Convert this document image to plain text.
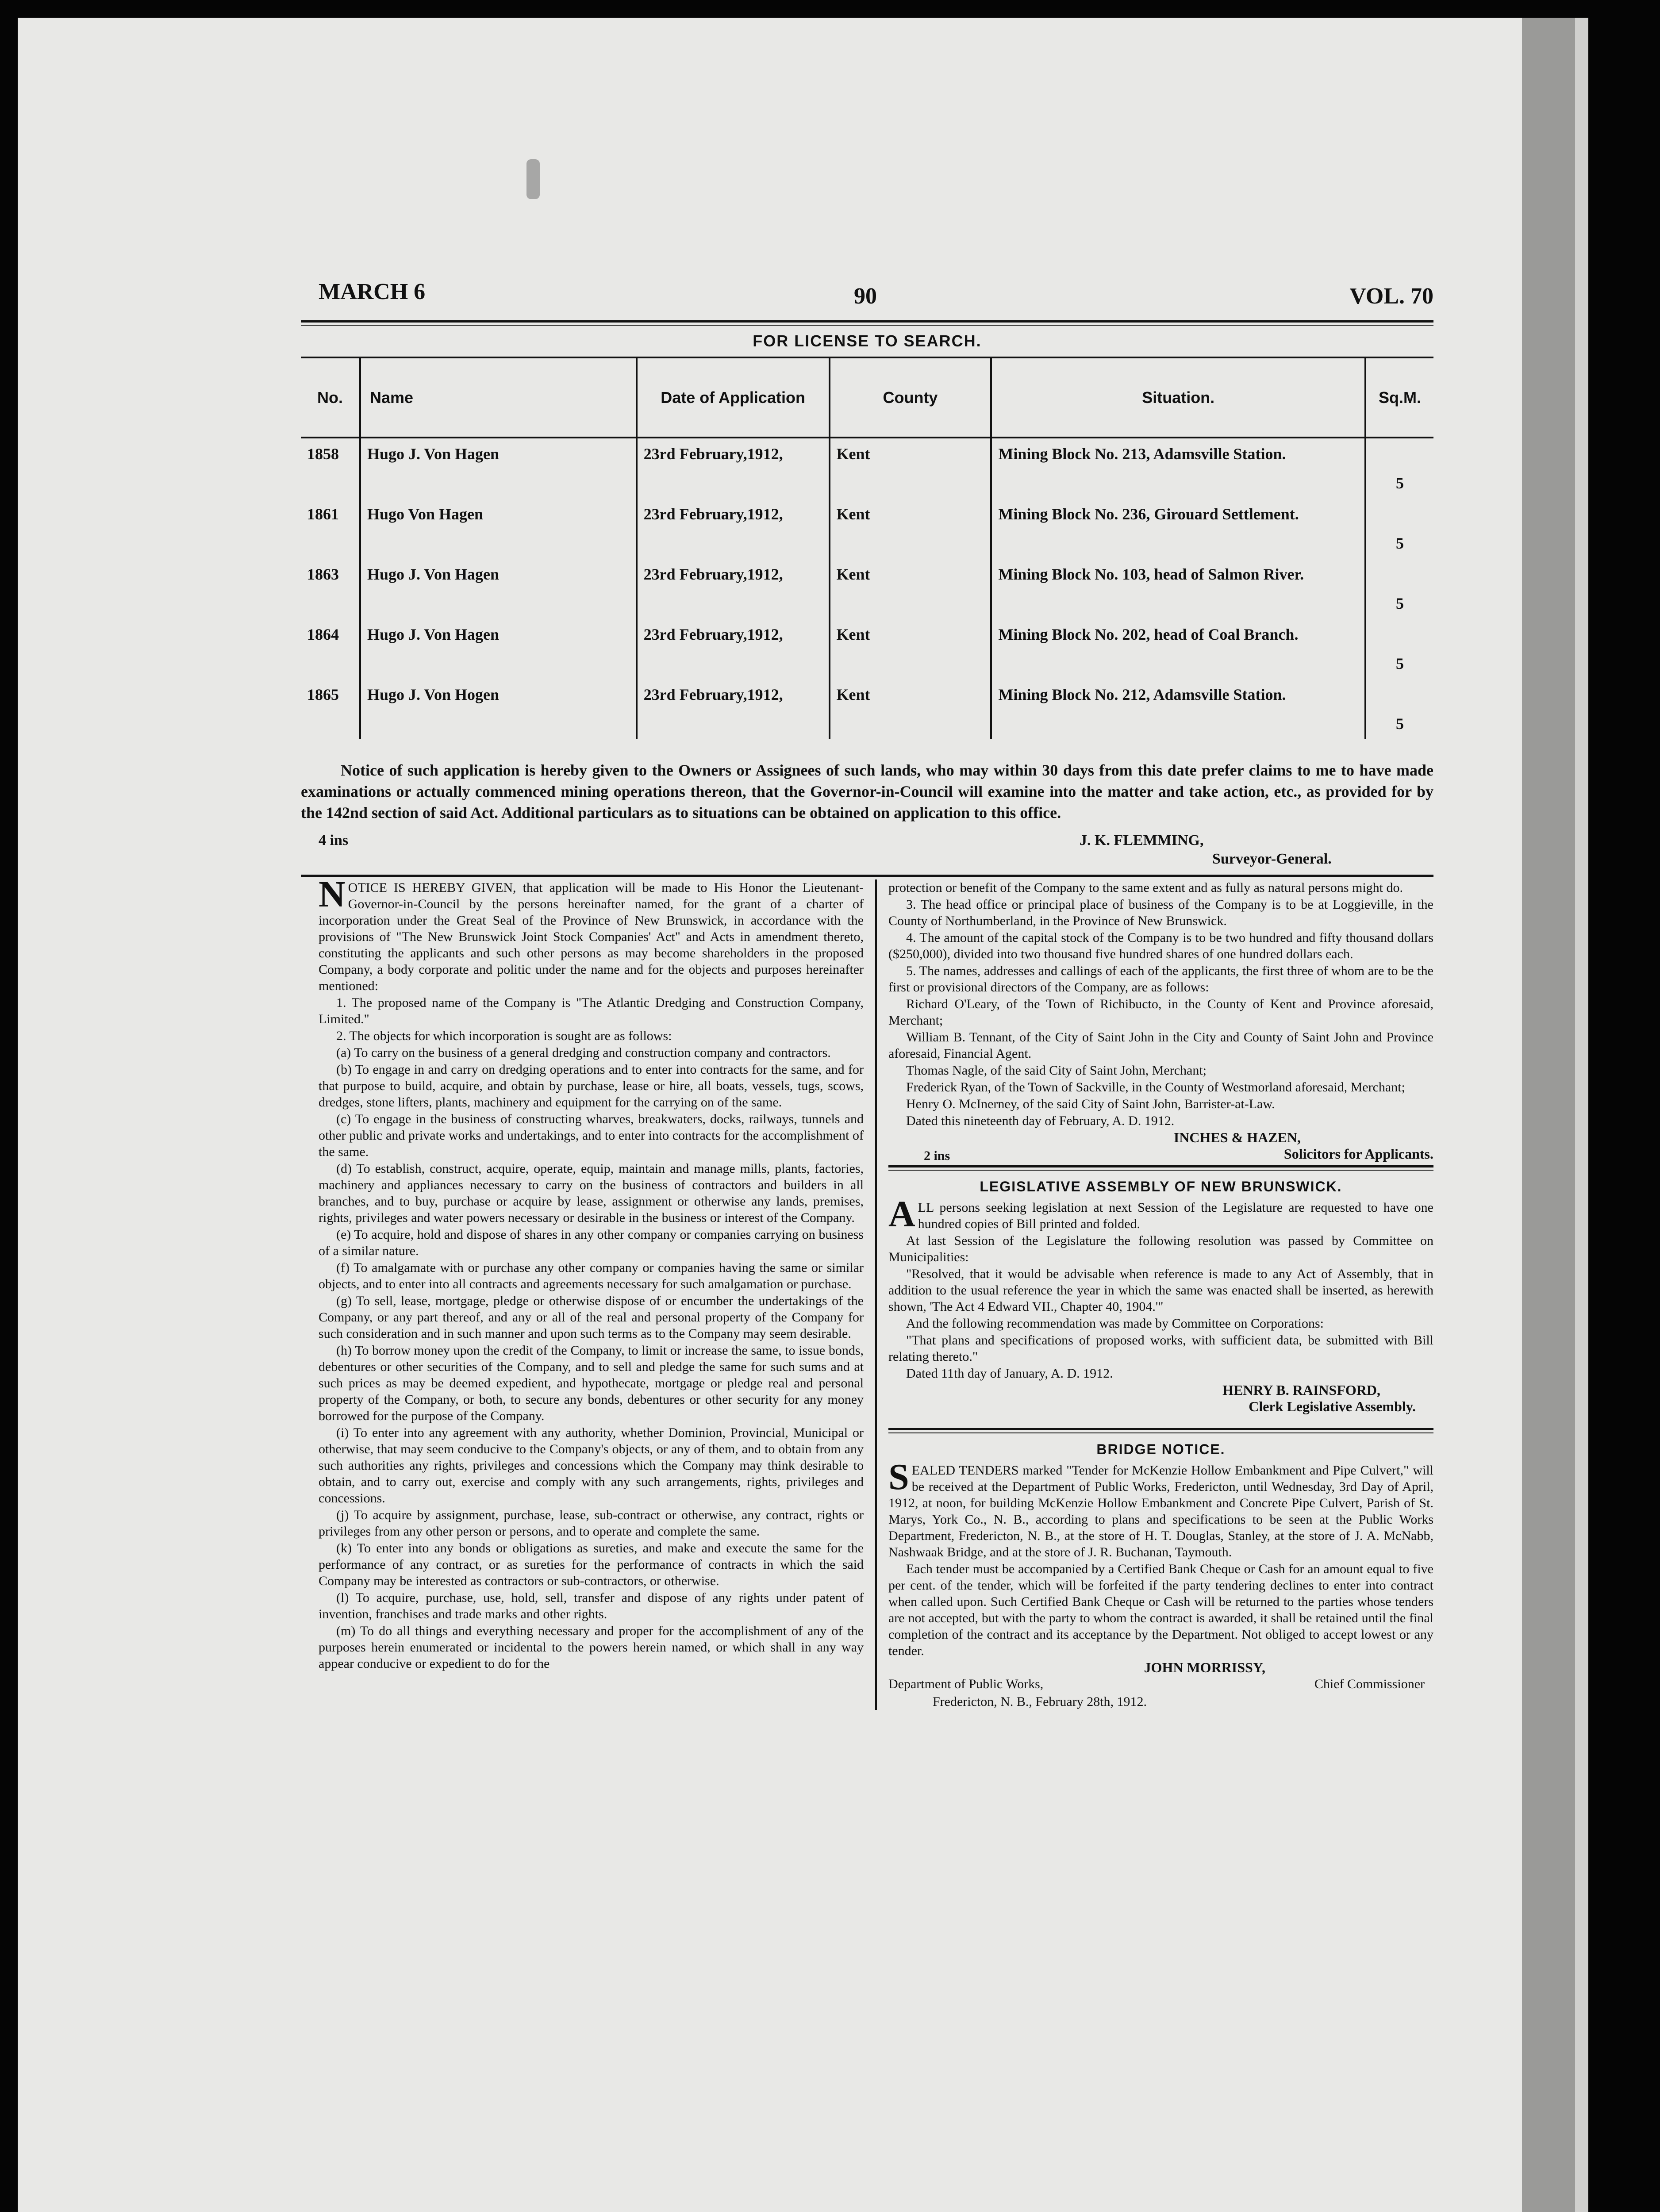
MARCH 6	90	VOL. 70
FOR LICENSE TO SEARCH.
No.	Name	Date of Application	County	Situation.	Sq.M.
1858	Hugo J. Von Hagen	23rd February,1912,	Kent	Mining Block No. 213, Adamsville Station.	5
1861	Hugo Von Hagen	23rd February,1912,	Kent	Mining Block No. 236, Girouard Settlement.	5
1863	Hugo J. Von Hagen	23rd February,1912,	Kent	Mining Block No. 103, head of Salmon River.	5
1864	Hugo J. Von Hagen	23rd February,1912,	Kent	Mining Block No. 202, head of Coal Branch.	5
1865	Hugo J. Von Hogen	23rd February,1912,	Kent	Mining Block No. 212, Adamsville Station.	5

Notice of such application is hereby given to the Owners or Assignees of such lands, who may within 30 days from this date prefer claims to me to have made examinations or actually commenced mining operations thereon, that the Governor-in-Council will examine into the matter and take action, etc., as provided for by the 142nd section of said Act. Additional particulars as to situations can be obtained on application to this office.

4 ins	J. K. FLEMMING,
Surveyor-General.

NOTICE IS HEREBY GIVEN, that application will be made to His Honor the Lieutenant-Governor-in-Council by the persons hereinafter named, for the grant of a charter of incorporation under the Great Seal of the Province of New Brunswick, in accordance with the provisions of "The New Brunswick Joint Stock Companies' Act" and Acts in amendment thereto, constituting the applicants and such other persons as may become shareholders in the proposed Company, a body corporate and politic under the name and for the objects and purposes hereinafter mentioned:

1. The proposed name of the Company is "The Atlantic Dredging and Construction Company, Limited."

2. The objects for which incorporation is sought are as follows:

(a) To carry on the business of a general dredging and construction company and contractors.

(b) To engage in and carry on dredging operations and to enter into contracts for the same, and for that purpose to build, acquire, and obtain by purchase, lease or hire, all boats, vessels, tugs, scows, dredges, stone lifters, plants, machinery and equipment for the carrying on of the same.

(c) To engage in the business of constructing wharves, breakwaters, docks, railways, tunnels and other public and private works and undertakings, and to enter into contracts for the accomplishment of the same.

(d) To establish, construct, acquire, operate, equip, maintain and manage mills, plants, factories, machinery and appliances necessary to carry on the business of contractors and builders in all branches, and to buy, purchase or acquire by lease, assignment or otherwise any lands, premises, rights, privileges and water powers necessary or desirable in the business or interest of the Company.

(e) To acquire, hold and dispose of shares in any other company or companies carrying on business of a similar nature.

(f) To amalgamate with or purchase any other company or companies having the same or similar objects, and to enter into all contracts and agreements necessary for such amalgamation or purchase.

(g) To sell, lease, mortgage, pledge or otherwise dispose of or encumber the undertakings of the Company, or any part thereof, and any or all of the real and personal property of the Company for such consideration and in such manner and upon such terms as to the Company may seem desirable.

(h) To borrow money upon the credit of the Company, to limit or increase the same, to issue bonds, debentures or other securities of the Company, and to sell and pledge the same for such sums and at such prices as may be deemed expedient, and hypothecate, mortgage or pledge real and personal property of the Company, or both, to secure any bonds, debentures or other security for any money borrowed for the purpose of the Company.

(i) To enter into any agreement with any authority, whether Dominion, Provincial, Municipal or otherwise, that may seem conducive to the Company's objects, or any of them, and to obtain from any such authorities any rights, privileges and concessions which the Company may think desirable to obtain, and to carry out, exercise and comply with any such arrangements, rights, privileges and concessions.

(j) To acquire by assignment, purchase, lease, sub-contract or otherwise, any contract, rights or privileges from any other person or persons, and to operate and complete the same.

(k) To enter into any bonds or obligations as sureties, and make and execute the same for the performance of any contract, or as sureties for the performance of contracts in which the said Company may be interested as contractors or sub-contractors, or otherwise.

(l) To acquire, purchase, use, hold, sell, transfer and dispose of any rights under patent of invention, franchises and trade marks and other rights.

(m) To do all things and everything necessary and proper for the accomplishment of any of the purposes herein enumerated or incidental to the powers herein named, or which shall in any way appear conducive or expedient to do for the

protection or benefit of the Company to the same extent and as fully as natural persons might do.

3. The head office or principal place of business of the Company is to be at Loggieville, in the County of Northumberland, in the Province of New Brunswick.

4. The amount of the capital stock of the Company is to be two hundred and fifty thousand dollars ($250,000), divided into two thousand five hundred shares of one hundred dollars each.

5. The names, addresses and callings of each of the applicants, the first three of whom are to be the first or provisional directors of the Company, are as follows:

Richard O'Leary, of the Town of Richibucto, in the County of Kent and Province aforesaid, Merchant;

William B. Tennant, of the City of Saint John in the City and County of Saint John and Province aforesaid, Financial Agent.

Thomas Nagle, of the said City of Saint John, Merchant;

Frederick Ryan, of the Town of Sackville, in the County of Westmorland aforesaid, Merchant;

Henry O. McInerney, of the said City of Saint John, Barrister-at-Law.

Dated this nineteenth day of February, A. D. 1912.

INCHES & HAZEN,
2 ins	Solicitors for Applicants.
LEGISLATIVE ASSEMBLY OF NEW BRUNSWICK.

ALL persons seeking legislation at next Session of the Legislature are requested to have one hundred copies of Bill printed and folded.

At last Session of the Legislature the following resolution was passed by Committee on Municipalities:

"Resolved, that it would be advisable when reference is made to any Act of Assembly, that in addition to the usual reference the year in which the same was enacted shall be inserted, as herewith shown, 'The Act 4 Edward VII., Chapter 40, 1904.'"

And the following recommendation was made by Committee on Corporations:

"That plans and specifications of proposed works, with sufficient data, be submitted with Bill relating thereto."

Dated 11th day of January, A. D. 1912.

HENRY B. RAINSFORD,
Clerk Legislative Assembly.
BRIDGE NOTICE.

SEALED TENDERS marked "Tender for McKenzie Hollow Embankment and Pipe Culvert," will be received at the Department of Public Works, Fredericton, until Wednesday, 3rd Day of April, 1912, at noon, for building McKenzie Hollow Embankment and Concrete Pipe Culvert, Parish of St. Marys, York Co., N. B., according to plans and specifications to be seen at the Public Works Department, Fredericton, N. B., at the store of H. T. Douglas, Stanley, at the store of J. A. McNabb, Nashwaak Bridge, and at the store of J. R. Buchanan, Taymouth.

Each tender must be accompanied by a Certified Bank Cheque or Cash for an amount equal to five per cent. of the tender, which will be forfeited if the party tendering declines to enter into contract when called upon. Such Certified Bank Cheque or Cash will be returned to the parties whose tenders are not accepted, but with the party to whom the contract is awarded, it shall be retained until the final completion of the contract and its acceptance by the Department. Not obliged to accept lowest or any tender.

JOHN MORRISSY,
Department of Public Works,	Chief Commissioner
Fredericton, N. B., February 28th, 1912.
